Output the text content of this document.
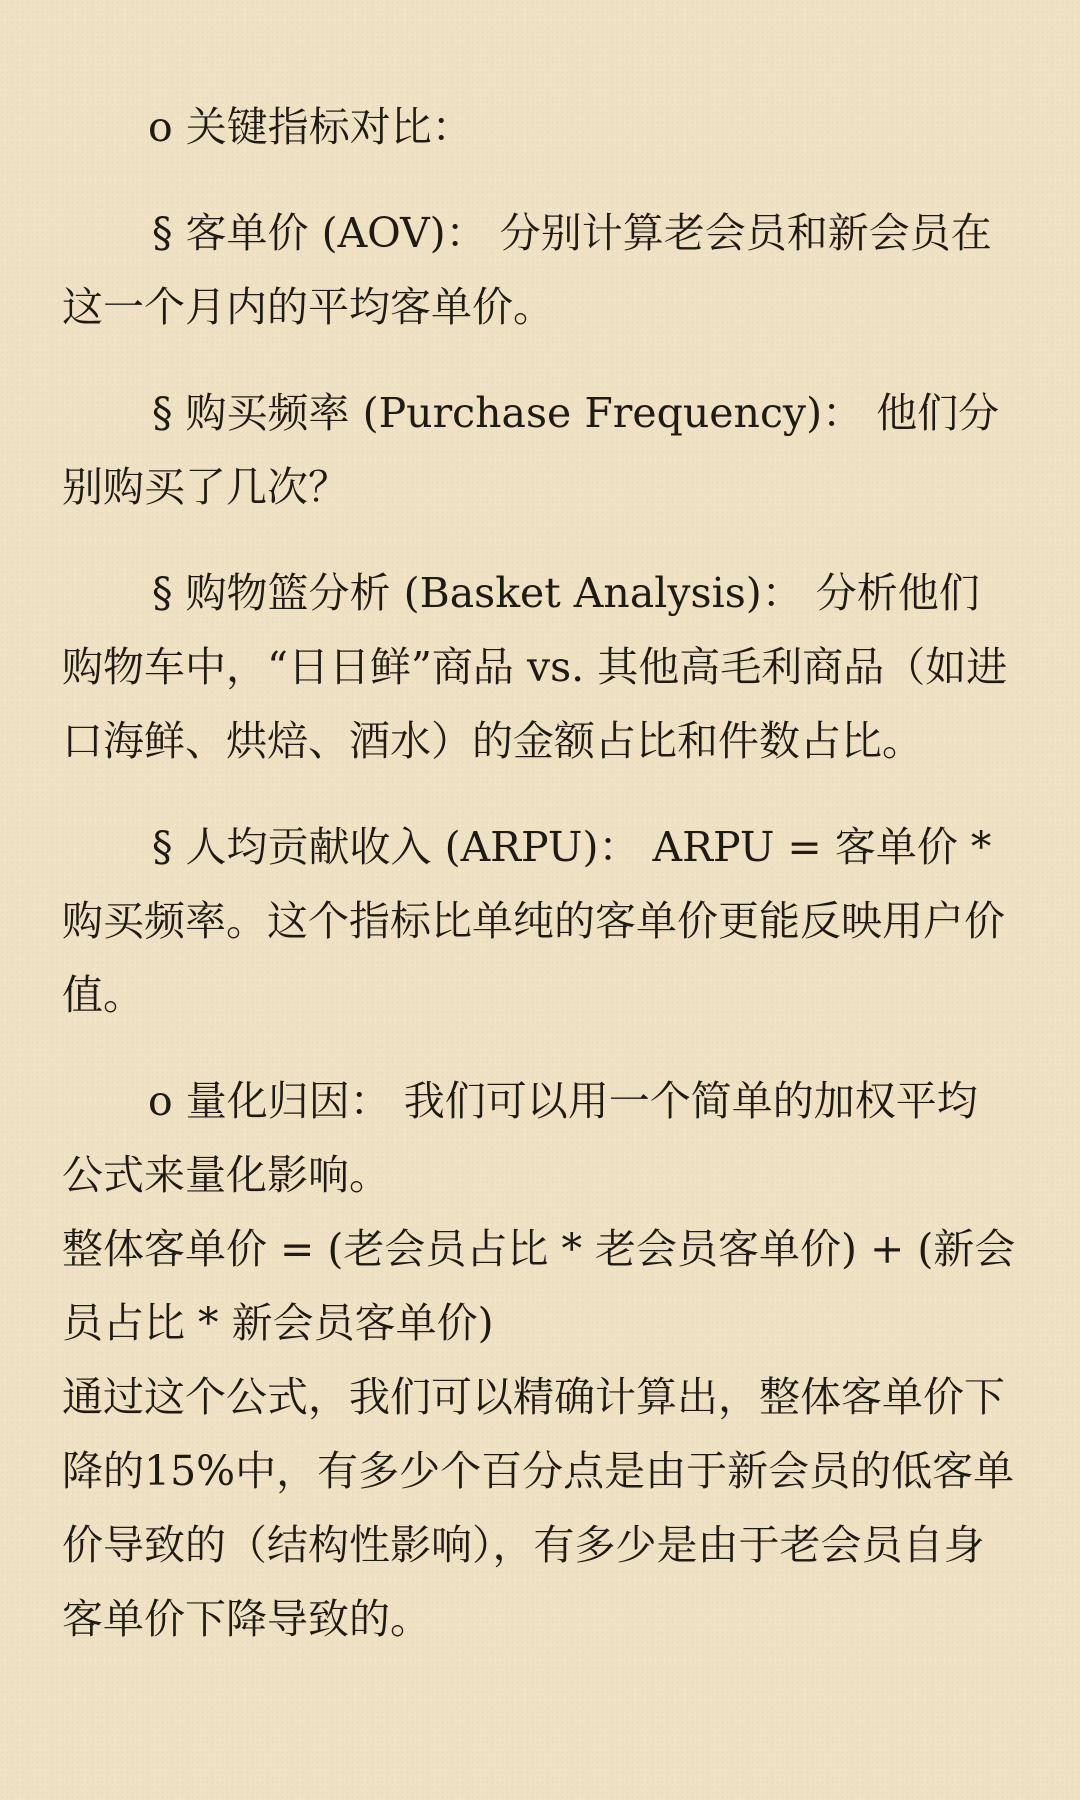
o 关键指标对比：

§ 客单价 (AOV)： 分别计算老会员和新会员在这一个月内的平均客单价。

§ 购买频率 (Purchase Frequency)： 他们分别购买了几次？

§ 购物篮分析 (Basket Analysis)： 分析他们购物车中，“日日鲜”商品 vs. 其他高毛利商品（如进口海鲜、烘焙、酒水）的金额占比和件数占比。

§ 人均贡献收入 (ARPU)： ARPU = 客单价 * 购买频率。这个指标比单纯的客单价更能反映用户价值。

o 量化归因： 我们可以用一个简单的加权平均公式来量化影响。

整体客单价 = (老会员占比 * 老会员客单价) + (新会员占比 * 新会员客单价)

通过这个公式，我们可以精确计算出，整体客单价下降的15%中，有多少个百分点是由于新会员的低客单价导致的（结构性影响），有多少是由于老会员自身客单价下降导致的。
